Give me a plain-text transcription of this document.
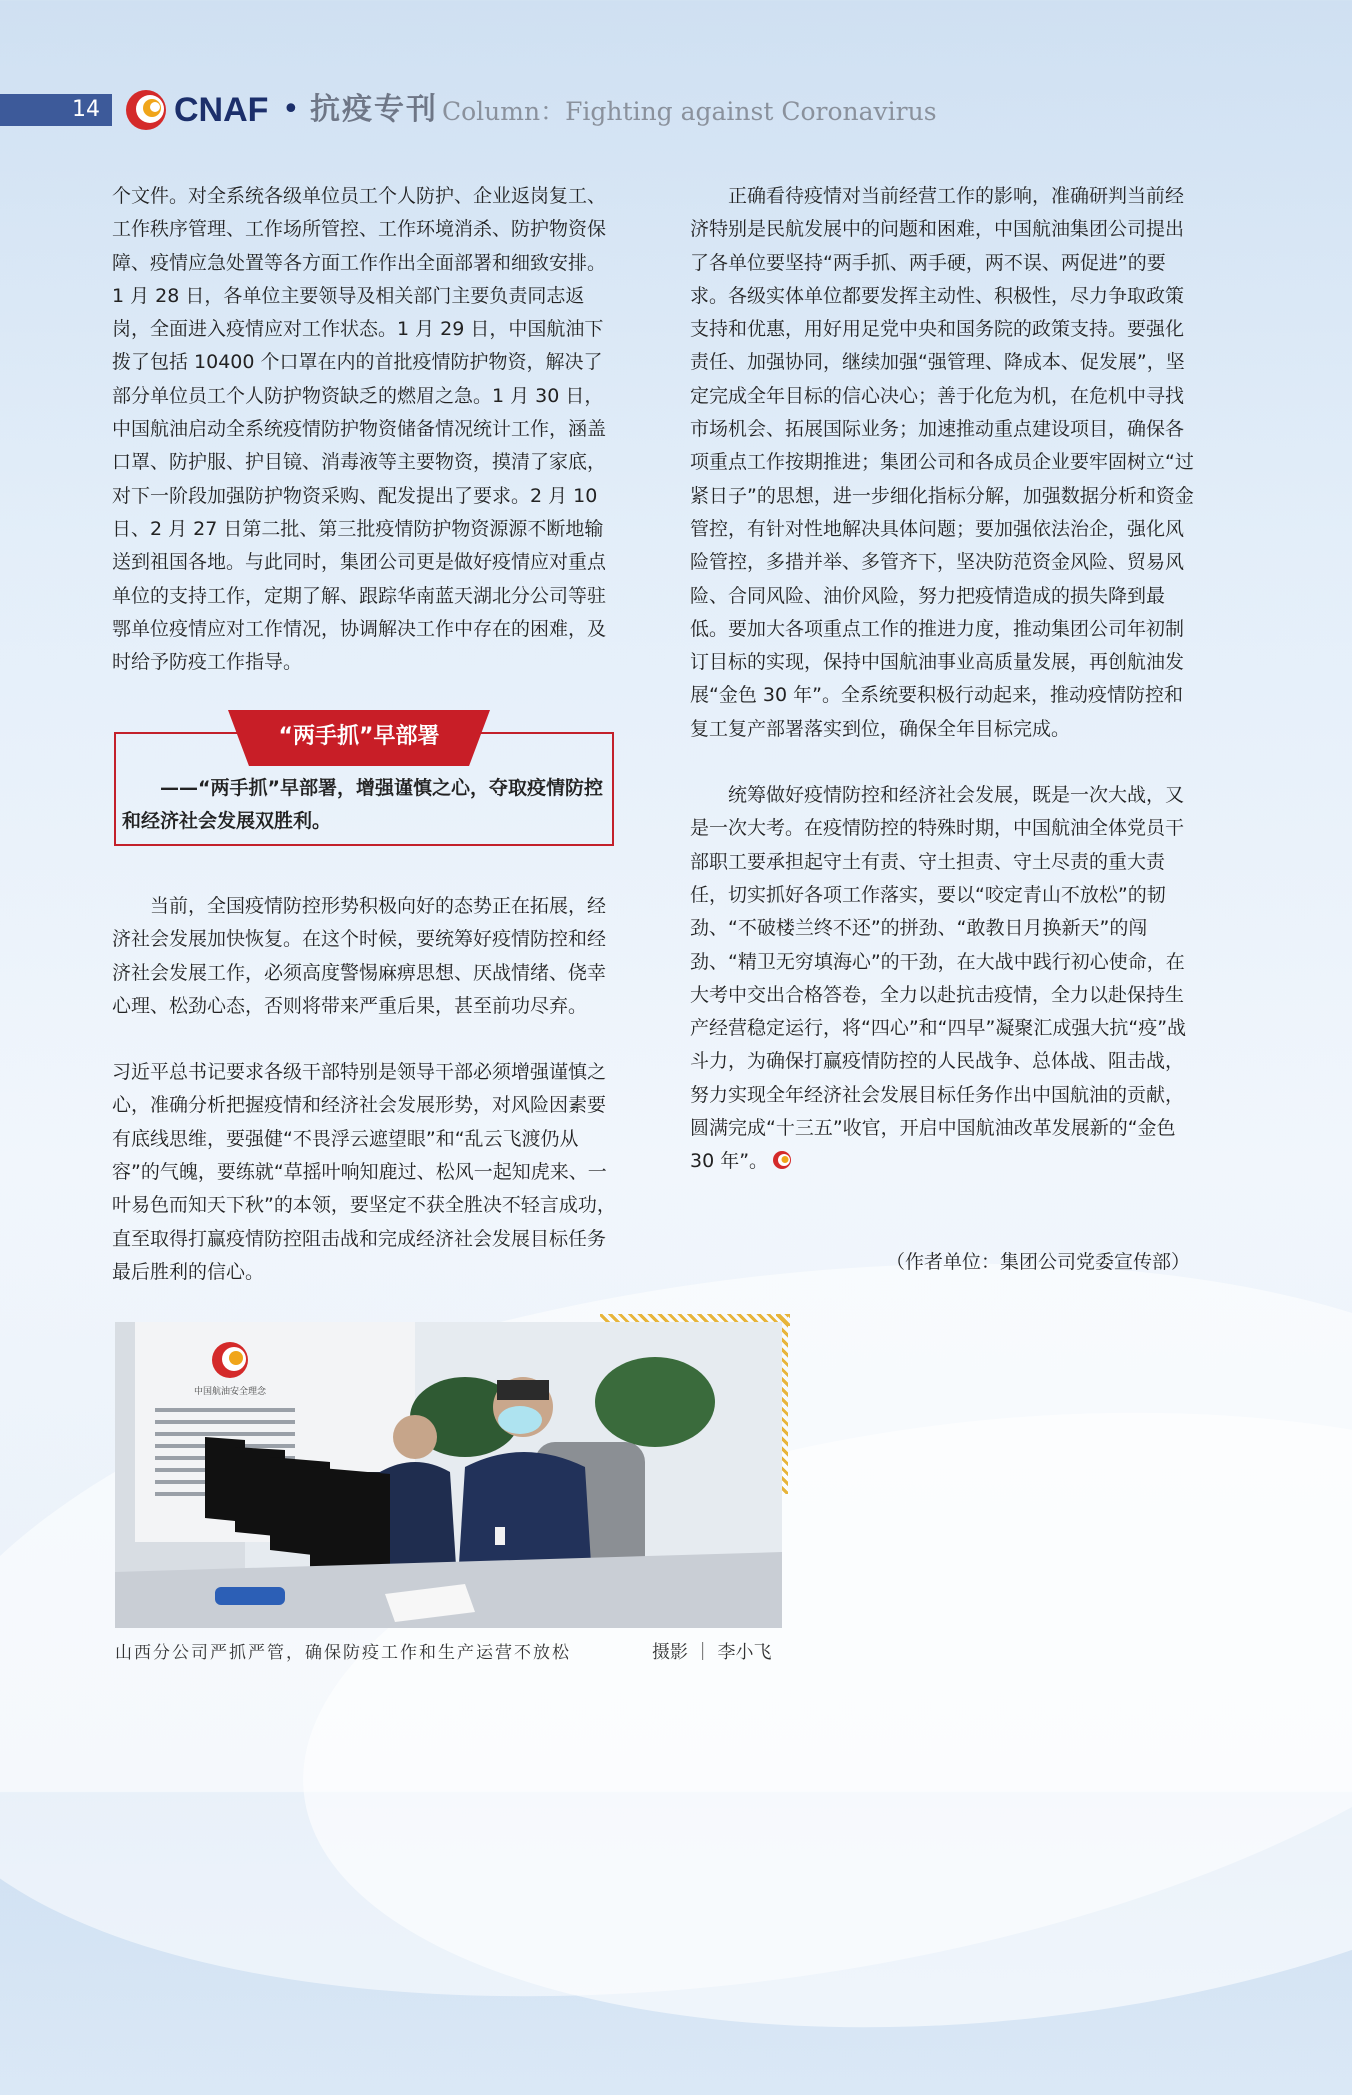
14 CNAF • 抗疫专刊 Column：Fighting against Coronavirus

个文件。对全系统各级单位员工个人防护、企业返岗复工、工作秩序管理、工作场所管控、工作环境消杀、防护物资保障、疫情应急处置等各方面工作作出全面部署和细致安排。1 月 28 日，各单位主要领导及相关部门主要负责同志返岗，全面进入疫情应对工作状态。1 月 29 日，中国航油下拨了包括 10400 个口罩在内的首批疫情防护物资，解决了部分单位员工个人防护物资缺乏的燃眉之急。1 月 30 日，中国航油启动全系统疫情防护物资储备情况统计工作，涵盖口罩、防护服、护目镜、消毒液等主要物资，摸清了家底，对下一阶段加强防护物资采购、配发提出了要求。2 月 10 日、2 月 27 日第二批、第三批疫情防护物资源源不断地输送到祖国各地。与此同时，集团公司更是做好疫情应对重点单位的支持工作，定期了解、跟踪华南蓝天湖北分公司等驻鄂单位疫情应对工作情况，协调解决工作中存在的困难，及时给予防疫工作指导。

“两手抓”早部署
——“两手抓”早部署，增强谨慎之心，夺取疫情防控和经济社会发展双胜利。

当前，全国疫情防控形势积极向好的态势正在拓展，经济社会发展加快恢复。在这个时候，要统筹好疫情防控和经济社会发展工作，必须高度警惕麻痹思想、厌战情绪、侥幸心理、松劲心态，否则将带来严重后果，甚至前功尽弃。

习近平总书记要求各级干部特别是领导干部必须增强谨慎之心，准确分析把握疫情和经济社会发展形势，对风险因素要有底线思维，要强健“不畏浮云遮望眼”和“乱云飞渡仍从容”的气魄，要练就“草摇叶响知鹿过、松风一起知虎来、一叶易色而知天下秋”的本领，要坚定不获全胜决不轻言成功，直至取得打赢疫情防控阻击战和完成经济社会发展目标任务最后胜利的信心。

正确看待疫情对当前经营工作的影响，准确研判当前经济特别是民航发展中的问题和困难，中国航油集团公司提出了各单位要坚持“两手抓、两手硬，两不误、两促进”的要求。各级实体单位都要发挥主动性、积极性，尽力争取政策支持和优惠，用好用足党中央和国务院的政策支持。要强化责任、加强协同，继续加强“强管理、降成本、促发展”，坚定完成全年目标的信心决心；善于化危为机，在危机中寻找市场机会、拓展国际业务；加速推动重点建设项目，确保各项重点工作按期推进；集团公司和各成员企业要牢固树立“过紧日子”的思想，进一步细化指标分解，加强数据分析和资金管控，有针对性地解决具体问题；要加强依法治企，强化风险管控，多措并举、多管齐下，坚决防范资金风险、贸易风险、合同风险、油价风险，努力把疫情造成的损失降到最低。要加大各项重点工作的推进力度，推动集团公司年初制订目标的实现，保持中国航油事业高质量发展，再创航油发展“金色 30 年”。全系统要积极行动起来，推动疫情防控和复工复产部署落实到位，确保全年目标完成。

统筹做好疫情防控和经济社会发展，既是一次大战，又是一次大考。在疫情防控的特殊时期，中国航油全体党员干部职工要承担起守土有责、守土担责、守土尽责的重大责任，切实抓好各项工作落实，要以“咬定青山不放松”的韧劲、“不破楼兰终不还”的拼劲、“敢教日月换新天”的闯劲、“精卫无穷填海心”的干劲，在大战中践行初心使命，在大考中交出合格答卷，全力以赴抗击疫情，全力以赴保持生产经营稳定运行，将“四心”和“四早”凝聚汇成强大抗“疫”战斗力，为确保打赢疫情防控的人民战争、总体战、阻击战，努力实现全年经济社会发展目标任务作出中国航油的贡献，圆满完成“十三五”收官，开启中国航油改革发展新的“金色 30 年”。

（作者单位：集团公司党委宣传部）
中国航油安全理念
山西分公司严抓严管，确保防疫工作和生产运营不放松	摄影 ｜ 李小飞
